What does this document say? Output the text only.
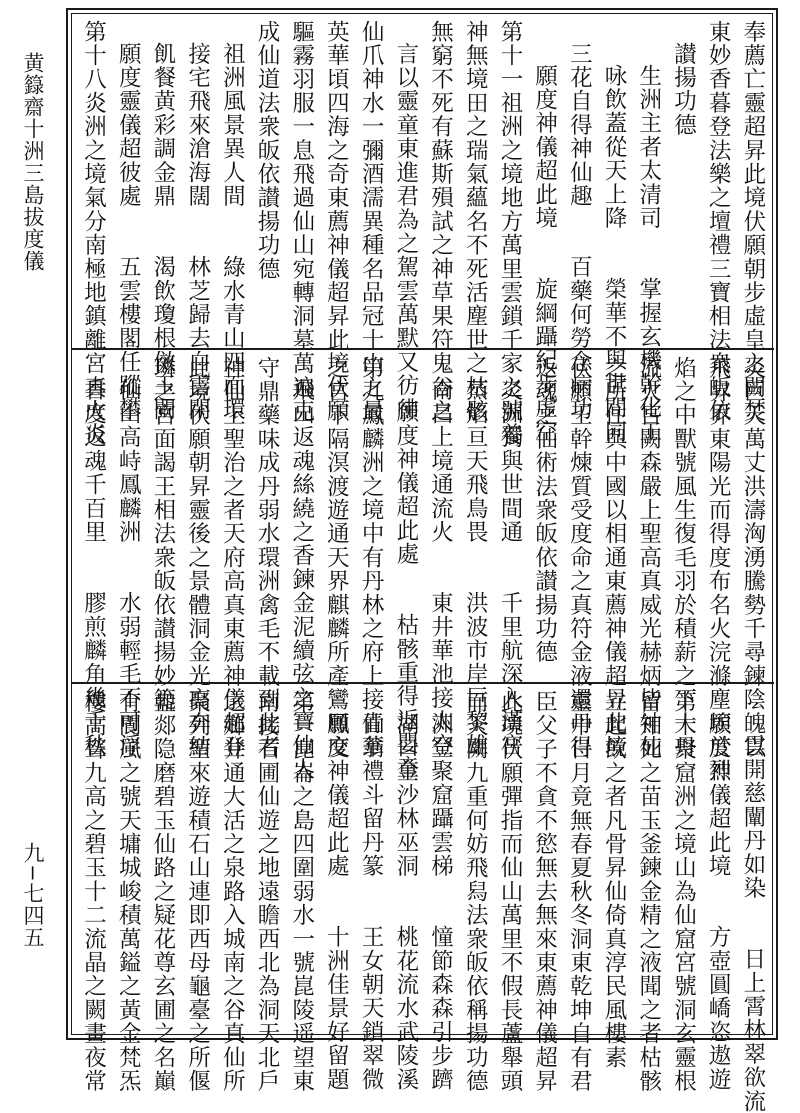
黄籙齋十洲三島拔度儀
九−七四五
奉薦亡靈超昇此境伏願朝步虛皇之闕焚
東妙香暮登法樂之壇禮三寶相法衆皈依
讃揚功德
生洲主者太清司　　掌握玄機幹化工
咏飲蓋從天上降　　榮華不與世間同
三花自得神仙趣　　百藥何勞念病功
願度神儀超此境　　旋綱躡紀步虛空
第十一祖洲之境地方萬里雲鎖千家之號養
神無境田之瑞氣蘊名不死活塵世之枯骸
無窮不死有蘇斯殞試之神草果符鬼谷之
言以靈童東進君為之駕雲萬默又彷彿
仙爪神水一彌酒濡異種名品冠十山之最
英華頃四海之奇東薦神儀超昇此境伏願
驅霧羽服一息飛過仙山宛轉洞墓萬遍克
成仙道法衆皈依讃揚功德
祖洲風景異人間　　綠水青山四面環
接宅飛來滄海闊　　林芝歸去白雲閑
飢餐黄彩調金鼎　　渴飲瓊根傚玉闕
願度靈儀超彼處　　五雲樓閣任蹤攀
第十八炎洲之境氣分南極地鎮離宮真火炎
炎巨天萬丈洪濤洶湧騰勢千尋鍊陰魄以
飛昇界東陽光而得度布名火浣滌塵埃於烈
焰之中獸號風生復毛羽於積薪之下大丹
流火宮闕森嚴上聖高真威光赫炳皆神仙
之所住與中國以相通東薦神儀超昇此境
伏願王幹煉質受度命之真符金液還丹得
返魂之仙術法衆皈依讃揚功德
炎洲獨與世間通　　千里航深入漢宮
蒸焰亘天飛鳥畏　　洪波市岸巨黎雄
南昌上境通流火　　東井華池接太空
願度神儀超此處　　枯骸重得返嬰童
第九鳳麟洲之境中有丹林之府上接青華
之宮下隔溟渡遊通天界麒麟所產鸞鳳交
飛山返魂絲繞之香鍊金泥續弦之寶仙人
守鼎藥味成丹弱水環洲禽毛不載到此者
神仙上聖治之者天府高真東薦神儀超登
此境伏願朝昇靈後之景體洞金光高奔結
璘之宮面謁王相法衆皈依讃揚妙範
仙山高峙鳳麟洲　　水弱輕毛不可浮
香度返魂千百里　　膠煎麟角幾千秋
雲開慈闡丹如染　　日上霄林翠欲流
願度神儀超此境　　方壺圓嶠恣遨遊
第十聚窟洲之境山為仙窟宮號洞玄靈根
留知死之苗玉釜鍊金精之液聞之者枯骸
立起飲之者凡骨昇仙倚真淳民風樓素
靈中日月竟無春夏秋冬洞東乾坤自有君
臣父子不貪不慾無去無來東薦神儀超昇
此境伏願彈指而仙山萬里不假長蘆舉頭
而天闕九重何妨飛舄法衆皈依稱揚功德
洲登聚窟躡雲梯　　憧節森森引步躋
湖口金沙林巫洞　　桃花流水武陵溪
仙翁禮斗留丹篆　　王女朝天鎖翠微
願度神儀超此處　　十洲佳景好留題
第一崑崙之島四圍弱水一號崑陵遥望東
南接石圃仙遊之地遠瞻西北為洞天北戶
之鄉井通大活之泉路入城南之谷真仙所
聚列聖來遊積石山連即西母龜臺之所偃
盎郯隐磨碧玉仙路之疑花尊玄圃之名巔
有閬風之號天墉城峻積萬鎰之黃金梵炁
樓高聳九高之碧玉十二流晶之闕畫夜常
